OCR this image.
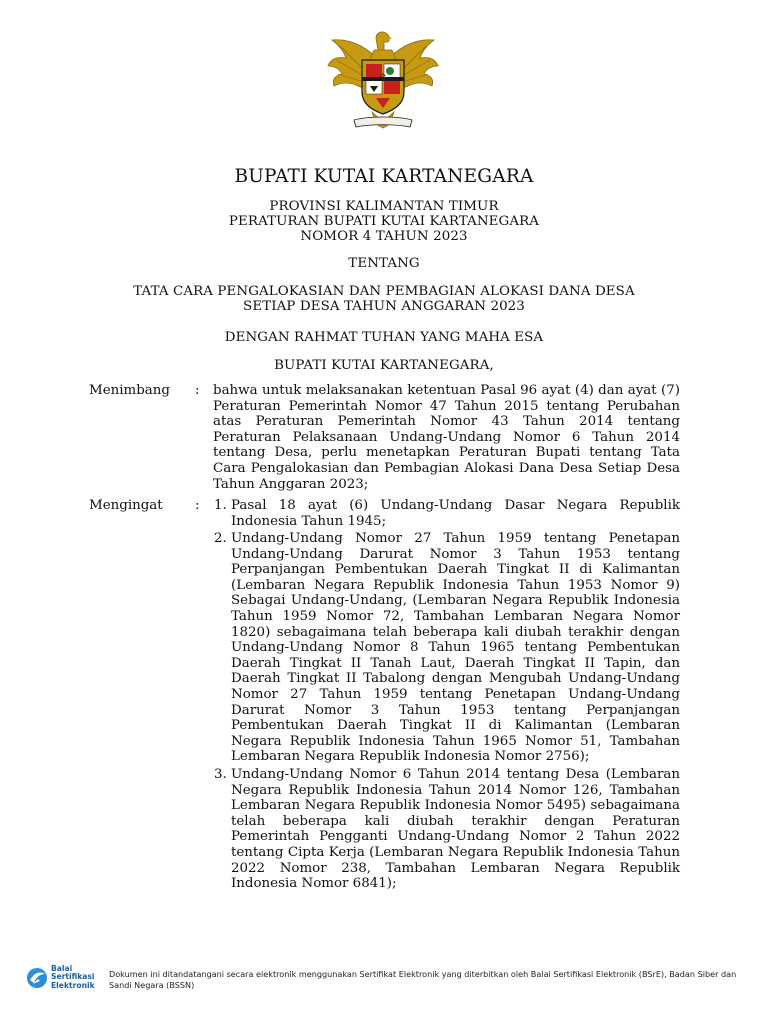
BUPATI KUTAI KARTANEGARA
PROVINSI KALIMANTAN TIMUR
PERATURAN BUPATI KUTAI KARTANEGARA
NOMOR 4 TAHUN 2023
TENTANG
TATA CARA PENGALOKASIAN DAN PEMBAGIAN ALOKASI DANA DESA
SETIAP DESA TAHUN ANGGARAN 2023
DENGAN RAHMAT TUHAN YANG MAHA ESA
BUPATI KUTAI KARTANEGARA,
Menimbang : bahwa untuk melaksanakan ketentuan Pasal 96 ayat (4) dan ayat (7) Peraturan Pemerintah Nomor 47 Tahun 2015 tentang Perubahan atas Peraturan Pemerintah Nomor 43 Tahun 2014 tentang Peraturan Pelaksanaan Undang-Undang Nomor 6 Tahun 2014 tentang Desa, perlu menetapkan Peraturan Bupati tentang Tata Cara Pengalokasian dan Pembagian Alokasi Dana Desa Setiap Desa Tahun Anggaran 2023;
Mengingat : 1. Pasal 18 ayat (6) Undang-Undang Dasar Negara Republik Indonesia Tahun 1945;
2. Undang-Undang Nomor 27 Tahun 1959 tentang Penetapan Undang-Undang Darurat Nomor 3 Tahun 1953 tentang Perpanjangan Pembentukan Daerah Tingkat II di Kalimantan (Lembaran Negara Republik Indonesia Tahun 1953 Nomor 9) Sebagai Undang-Undang, (Lembaran Negara Republik Indonesia Tahun 1959 Nomor 72, Tambahan Lembaran Negara Nomor 1820) sebagaimana telah beberapa kali diubah terakhir dengan Undang-Undang Nomor 8 Tahun 1965 tentang Pembentukan Daerah Tingkat II Tanah Laut, Daerah Tingkat II Tapin, dan Daerah Tingkat II Tabalong dengan Mengubah Undang-Undang Nomor 27 Tahun 1959 tentang Penetapan Undang-Undang Darurat Nomor 3 Tahun 1953 tentang Perpanjangan Pembentukan Daerah Tingkat II di Kalimantan (Lembaran Negara Republik Indonesia Tahun 1965 Nomor 51, Tambahan Lembaran Negara Republik Indonesia Nomor 2756);
3. Undang-Undang Nomor 6 Tahun 2014 tentang Desa (Lembaran Negara Republik Indonesia Tahun 2014 Nomor 126, Tambahan Lembaran Negara Republik Indonesia Nomor 5495) sebagaimana telah beberapa kali diubah terakhir dengan Peraturan Pemerintah Pengganti Undang-Undang Nomor 2 Tahun 2022 tentang Cipta Kerja (Lembaran Negara Republik Indonesia Tahun 2022 Nomor 238, Tambahan Lembaran Negara Republik Indonesia Nomor 6841);
Balai
Sertifikasi
Elektronik
Dokumen ini ditandatangani secara elektronik menggunakan Sertifikat Elektronik yang diterbitkan oleh Balai Sertifikasi Elektronik (BSrE), Badan Siber dan Sandi Negara (BSSN)
